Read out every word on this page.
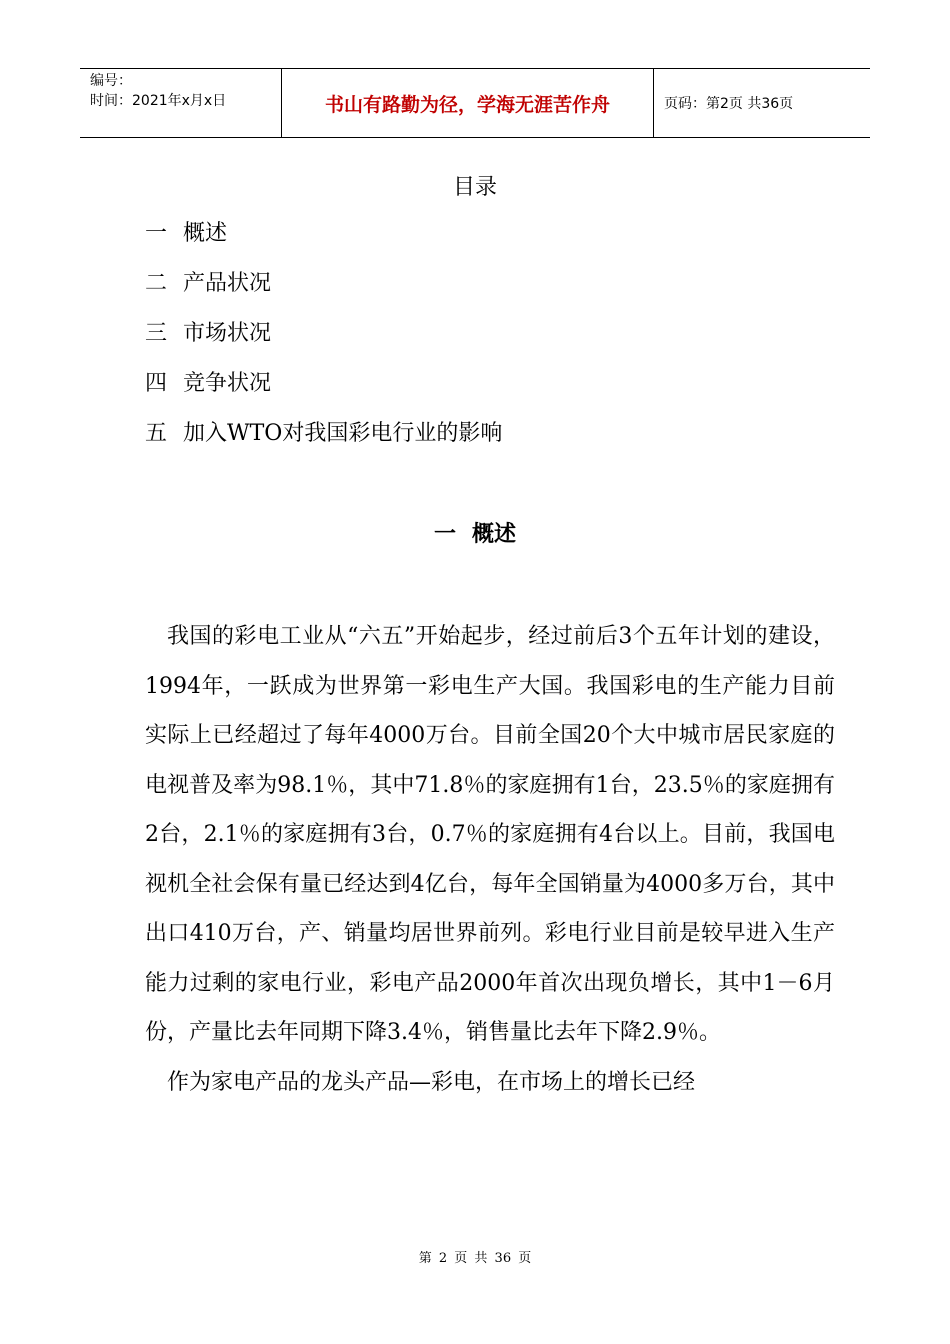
编号：
时间：2021年x月x日	书山有路勤为径，学海无涯苦作舟	页码：第2页 共36页
目录
一 概述
二 产品状况
三 市场状况
四 竞争状况
五 加入WTO对我国彩电行业的影响
一 概述

我国的彩电工业从“六五”开始起步，经过前后3个五年计划的建设， 1994年，一跃成为世界第一彩电生产大国。我国彩电的生产能力目前实际上已经超过了每年4000万台。目前全国20个大中城市居民家庭的电视普及率为98.1％，其中71.8％的家庭拥有1台，23.5％的家庭拥有2台，2.1％的家庭拥有3台，0.7％的家庭拥有4台以上。目前，我国电视机全社会保有量已经达到4亿台，每年全国销量为4000多万台，其中出口410万台，产、销量均居世界前列。彩电行业目前是较早进入生产能力过剩的家电行业，彩电产品2000年首次出现负增长，其中1－6月份，产量比去年同期下降3.4％，销售量比去年下降2.9％。

作为家电产品的龙头产品—彩电，在市场上的增长已经

第 2 页 共 36 页
